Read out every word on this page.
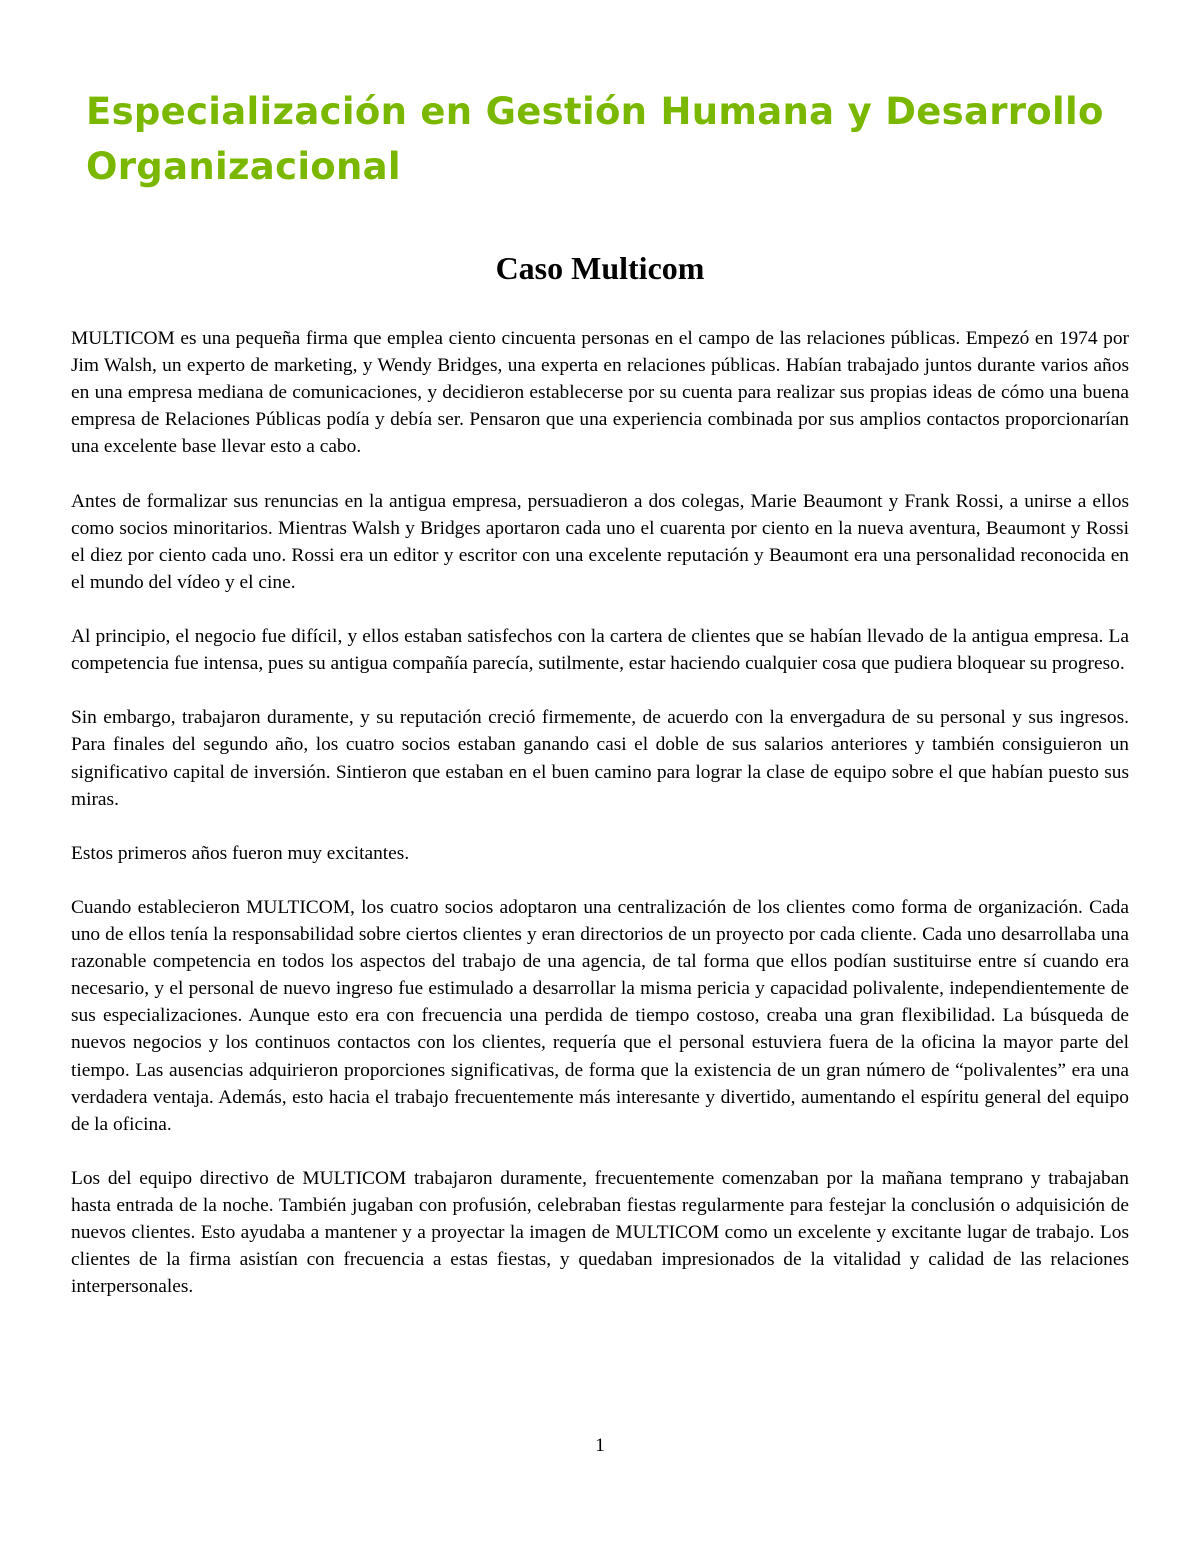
Especialización en Gestión Humana y Desarrollo Organizacional
Caso Multicom

MULTICOM es una pequeña firma que emplea ciento cincuenta personas en el campo de las relaciones públicas. Empezó en 1974 por Jim Walsh, un experto de marketing, y Wendy Bridges, una experta en relaciones públicas. Habían trabajado juntos durante varios años en una empresa mediana de comunicaciones, y decidieron establecerse por su cuenta para realizar sus propias ideas de cómo una buena empresa de Relaciones Públicas podía y debía ser. Pensaron que una experiencia combinada por sus amplios contactos proporcionarían una excelente base llevar esto a cabo.

Antes de formalizar sus renuncias en la antigua empresa, persuadieron a dos colegas, Marie Beaumont y Frank Rossi, a unirse a ellos como socios minoritarios. Mientras Walsh y Bridges aportaron cada uno el cuarenta por ciento en la nueva aventura, Beaumont y Rossi el diez por ciento cada uno. Rossi era un editor y escritor con una excelente reputación y Beaumont era una personalidad reconocida en el mundo del vídeo y el cine.

Al principio, el negocio fue difícil, y ellos estaban satisfechos con la cartera de clientes que se habían llevado de la antigua empresa. La competencia fue intensa, pues su antigua compañía parecía, sutilmente, estar haciendo cualquier cosa que pudiera bloquear su progreso.

Sin embargo, trabajaron duramente, y su reputación creció firmemente, de acuerdo con la envergadura de su personal y sus ingresos. Para finales del segundo año, los cuatro socios estaban ganando casi el doble de sus salarios anteriores y también consiguieron un significativo capital de inversión. Sintieron que estaban en el buen camino para lograr la clase de equipo sobre el que habían puesto sus miras.

Estos primeros años fueron muy excitantes.

Cuando establecieron MULTICOM, los cuatro socios adoptaron una centralización de los clientes como forma de organización. Cada uno de ellos tenía la responsabilidad sobre ciertos clientes y eran directorios de un proyecto por cada cliente. Cada uno desarrollaba una razonable competencia en todos los aspectos del trabajo de una agencia, de tal forma que ellos podían sustituirse entre sí cuando era necesario, y el personal de nuevo ingreso fue estimulado a desarrollar la misma pericia y capacidad polivalente, independientemente de sus especializaciones. Aunque esto era con frecuencia una perdida de tiempo costoso, creaba una gran flexibilidad. La búsqueda de nuevos negocios y los continuos contactos con los clientes, requería que el personal estuviera fuera de la oficina la mayor parte del tiempo. Las ausencias adquirieron proporciones significativas, de forma que la existencia de un gran número de “polivalentes” era una verdadera ventaja. Además, esto hacia el trabajo frecuentemente más interesante y divertido, aumentando el espíritu general del equipo de la oficina.

Los del equipo directivo de MULTICOM trabajaron duramente, frecuentemente comenzaban por la mañana temprano y trabajaban hasta entrada de la noche. También jugaban con profusión, celebraban fiestas regularmente para festejar la conclusión o adquisición de nuevos clientes. Esto ayudaba a mantener y a proyectar la imagen de MULTICOM como un excelente y excitante lugar de trabajo. Los clientes de la firma asistían con frecuencia a estas fiestas, y quedaban impresionados de la vitalidad y calidad de las relaciones interpersonales.

1
